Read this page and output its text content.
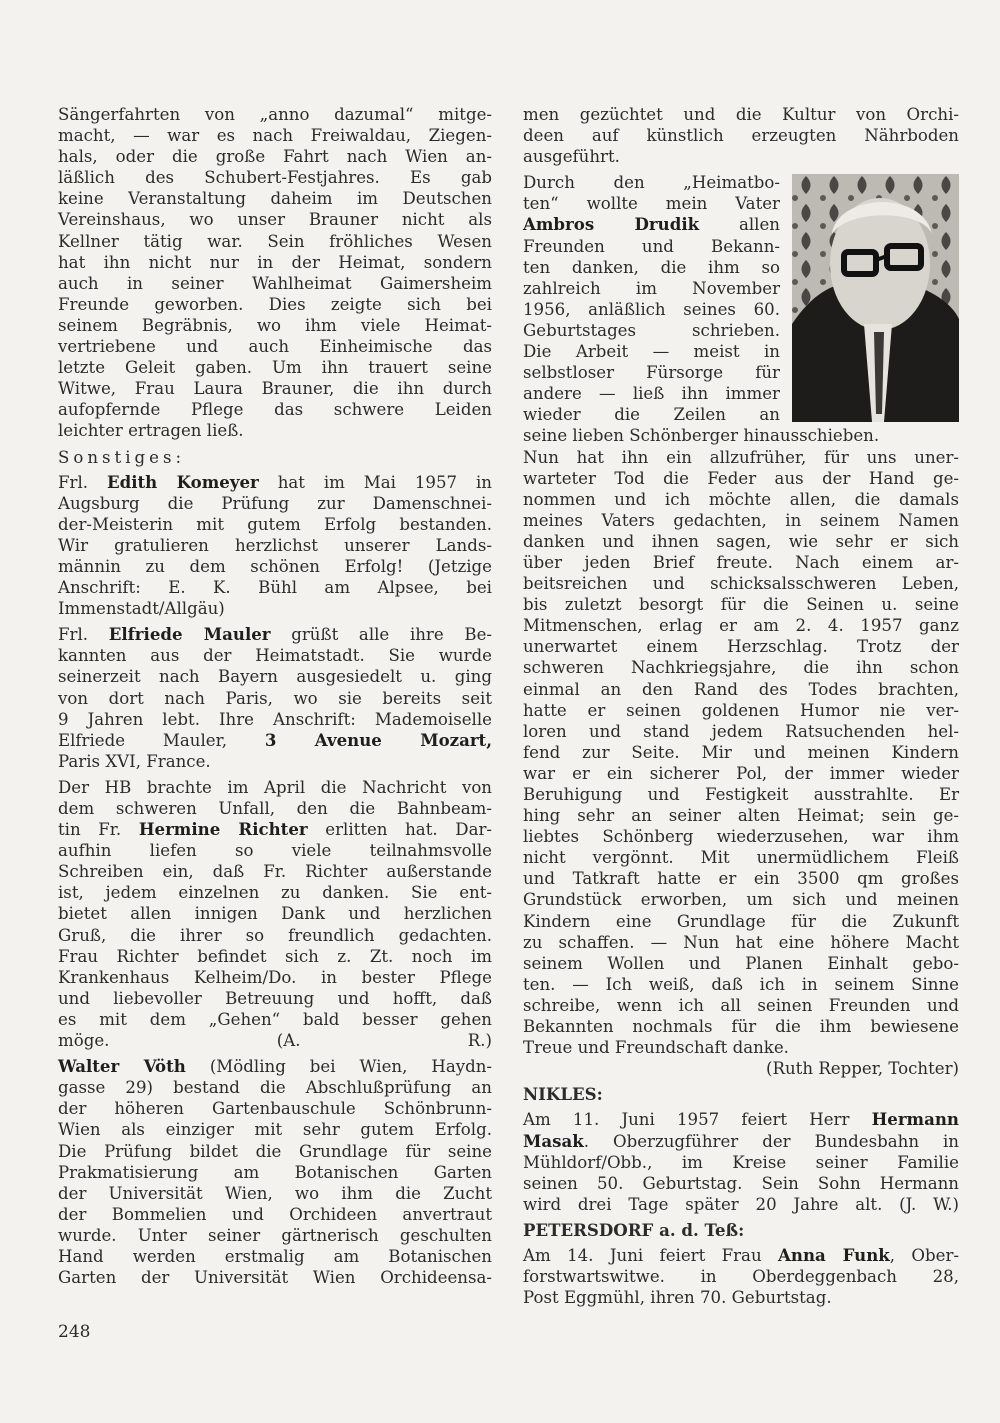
Sängerfahrten von „anno dazumal“ mitge-
macht, — war es nach Freiwaldau, Ziegen-
hals, oder die große Fahrt nach Wien an-
läßlich des Schubert-Festjahres. Es gab
keine Veranstaltung daheim im Deutschen
Vereinshaus, wo unser Brauner nicht als
Kellner tätig war. Sein fröhliches Wesen
hat ihn nicht nur in der Heimat, sondern
auch in seiner Wahlheimat Gaimersheim
Freunde geworben. Dies zeigte sich bei
seinem Begräbnis, wo ihm viele Heimat-
vertriebene und auch Einheimische das
letzte Geleit gaben. Um ihn trauert seine
Witwe, Frau Laura Brauner, die ihn durch
aufopfernde Pflege das schwere Leiden
leichter ertragen ließ.
Sonstiges:
Frl. Edith Komeyer hat im Mai 1957 in
Augsburg die Prüfung zur Damenschnei-
der-Meisterin mit gutem Erfolg bestanden.
Wir gratulieren herzlichst unserer Lands-
männin zu dem schönen Erfolg! (Jetzige
Anschrift: E. K. Bühl am Alpsee, bei
Immenstadt/Allgäu)
Frl. Elfriede Mauler grüßt alle ihre Be-
kannten aus der Heimatstadt. Sie wurde
seinerzeit nach Bayern ausgesiedelt u. ging
von dort nach Paris, wo sie bereits seit
9 Jahren lebt. Ihre Anschrift: Mademoiselle
Elfriede Mauler, 3 Avenue Mozart,
Paris XVI, France.
Der HB brachte im April die Nachricht von
dem schweren Unfall, den die Bahnbeam-
tin Fr. Hermine Richter erlitten hat. Dar-
aufhin liefen so viele teilnahmsvolle
Schreiben ein, daß Fr. Richter außerstande
ist, jedem einzelnen zu danken. Sie ent-
bietet allen innigen Dank und herzlichen
Gruß, die ihrer so freundlich gedachten.
Frau Richter befindet sich z. Zt. noch im
Krankenhaus Kelheim/Do. in bester Pflege
und liebevoller Betreuung und hofft, daß
es mit dem „Gehen“ bald besser gehen
möge. (A. R.)
Walter Vöth (Mödling bei Wien, Haydn-
gasse 29) bestand die Abschlußprüfung an
der höheren Gartenbauschule Schönbrunn-
Wien als einziger mit sehr gutem Erfolg.
Die Prüfung bildet die Grundlage für seine
Prakmatisierung am Botanischen Garten
der Universität Wien, wo ihm die Zucht
der Bommelien und Orchideen anvertraut
wurde. Unter seiner gärtnerisch geschulten
Hand werden erstmalig am Botanischen
Garten der Universität Wien Orchideensa-
men gezüchtet und die Kultur von Orchi-
deen auf künstlich erzeugten Nährboden
ausgeführt.
Durch den „Heimatbo-
ten“ wollte mein Vater
Ambros Drudik allen
Freunden und Bekann-
ten danken, die ihm so
zahlreich im November
1956, anläßlich seines 60.
Geburtstages schrieben.
Die Arbeit — meist in
selbstloser Fürsorge für
andere — ließ ihn immer
wieder die Zeilen an
seine lieben Schönberger hinausschieben.
Nun hat ihn ein allzufrüher, für uns uner-
warteter Tod die Feder aus der Hand ge-
nommen und ich möchte allen, die damals
meines Vaters gedachten, in seinem Namen
danken und ihnen sagen, wie sehr er sich
über jeden Brief freute. Nach einem ar-
beitsreichen und schicksalsschweren Leben,
bis zuletzt besorgt für die Seinen u. seine
Mitmenschen, erlag er am 2. 4. 1957 ganz
unerwartet einem Herzschlag. Trotz der
schweren Nachkriegsjahre, die ihn schon
einmal an den Rand des Todes brachten,
hatte er seinen goldenen Humor nie ver-
loren und stand jedem Ratsuchenden hel-
fend zur Seite. Mir und meinen Kindern
war er ein sicherer Pol, der immer wieder
Beruhigung und Festigkeit ausstrahlte. Er
hing sehr an seiner alten Heimat; sein ge-
liebtes Schönberg wiederzusehen, war ihm
nicht vergönnt. Mit unermüdlichem Fleiß
und Tatkraft hatte er ein 3500 qm großes
Grundstück erworben, um sich und meinen
Kindern eine Grundlage für die Zukunft
zu schaffen. — Nun hat eine höhere Macht
seinem Wollen und Planen Einhalt gebo-
ten. — Ich weiß, daß ich in seinem Sinne
schreibe, wenn ich all seinen Freunden und
Bekannten nochmals für die ihm bewiesene
Treue und Freundschaft danke.
(Ruth Repper, Tochter)
NIKLES:
Am 11. Juni 1957 feiert Herr Hermann
Masak. Oberzugführer der Bundesbahn in
Mühldorf/Obb., im Kreise seiner Familie
seinen 50. Geburtstag. Sein Sohn Hermann
wird drei Tage später 20 Jahre alt. (J. W.)
PETERSDORF a. d. Teß:
Am 14. Juni feiert Frau Anna Funk, Ober-
forstwartswitwe. in Oberdeggenbach 28,
Post Eggmühl, ihren 70. Geburtstag.
248
